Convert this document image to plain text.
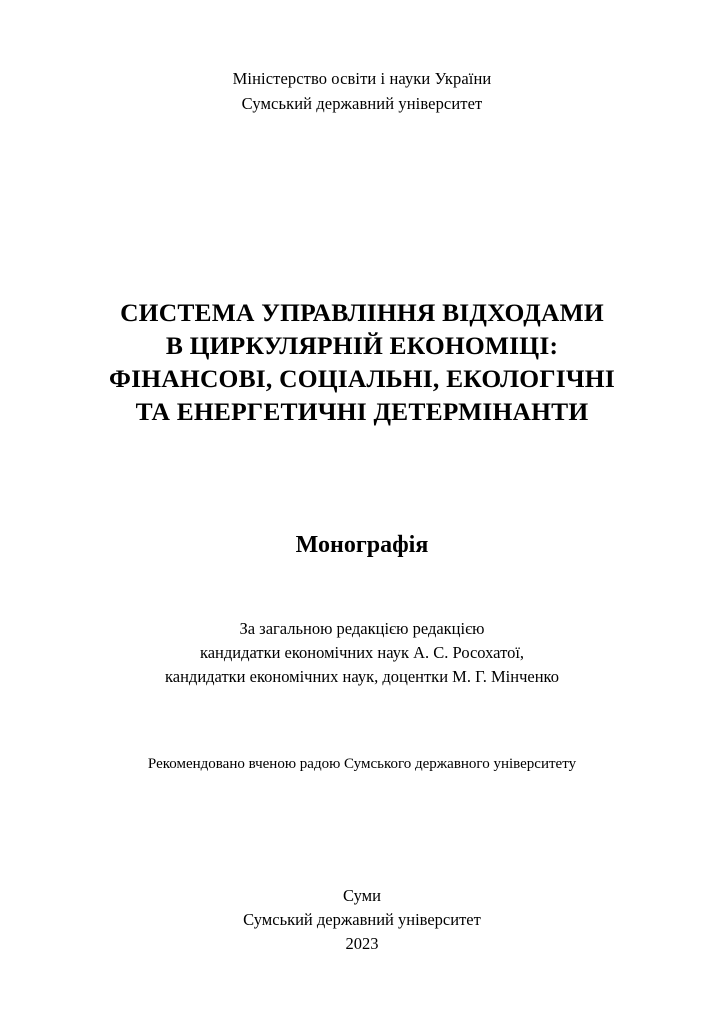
Міністерство освіти і науки України
Сумський державний університет
СИСТЕМА УПРАВЛІННЯ ВІДХОДАМИ
В ЦИРКУЛЯРНІЙ ЕКОНОМІЦІ:
ФІНАНСОВІ, СОЦІАЛЬНІ, ЕКОЛОГІЧНІ
ТА ЕНЕРГЕТИЧНІ ДЕТЕРМІНАНТИ
Монографія
За загальною редакцією редакцією
кандидатки економічних наук А. С. Росохатої,
кандидатки економічних наук, доцентки М. Г. Мінченко
Рекомендовано вченою радою Сумського державного університету
Суми
Сумський державний університет
2023
